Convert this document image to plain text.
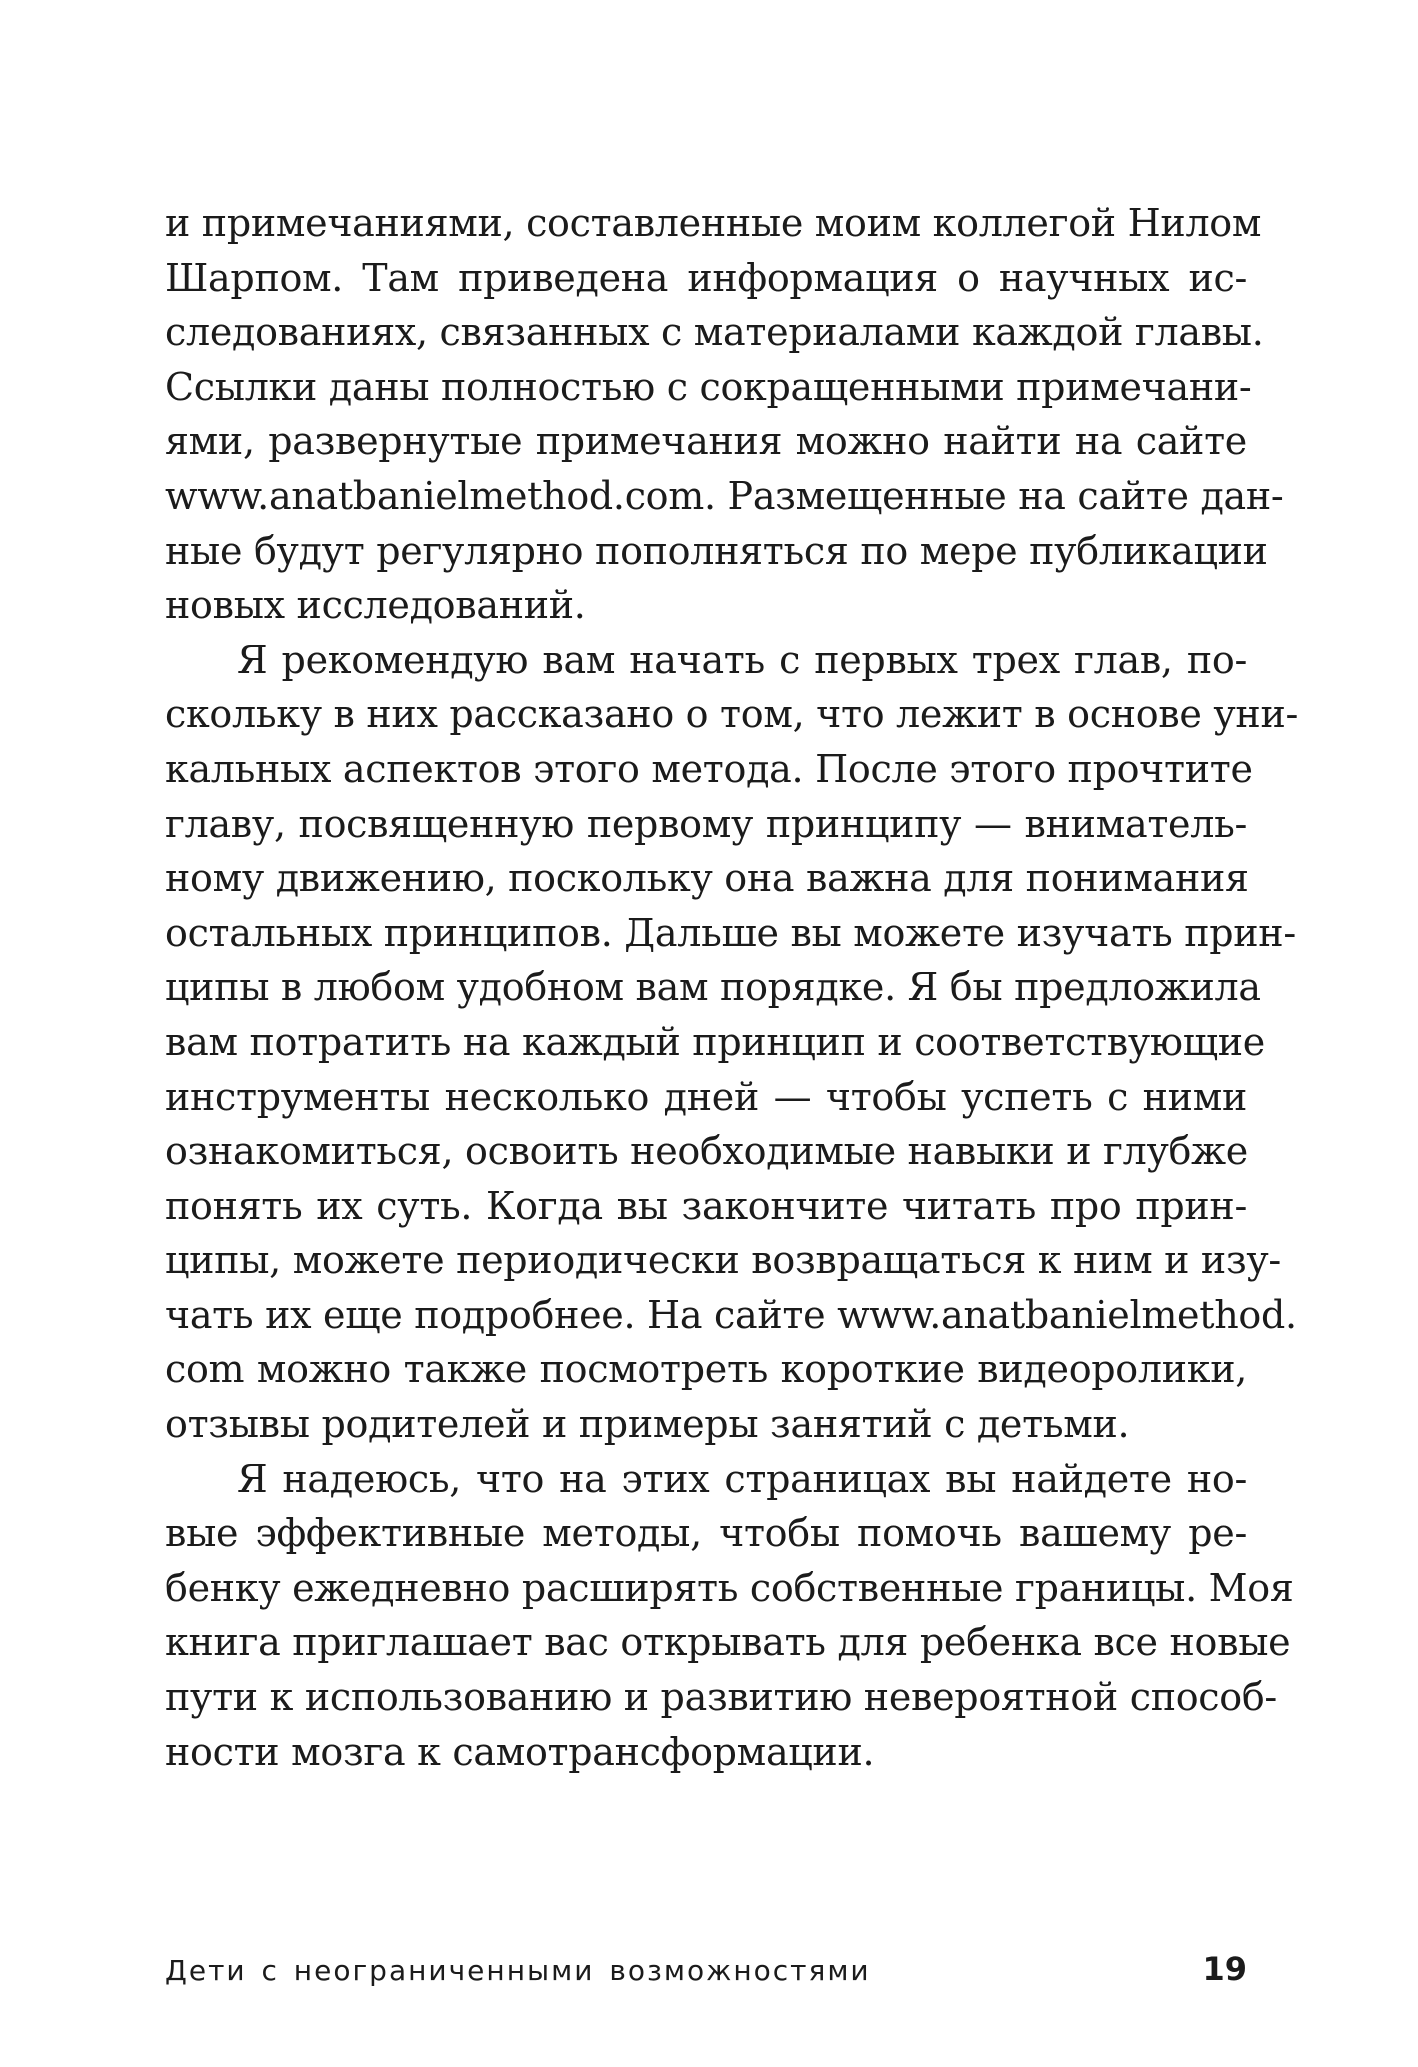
и примечаниями, составленные моим коллегой Нилом
Шарпом. Там приведена информация о научных ис-
следованиях, связанных с материалами каждой главы.
Ссылки даны полностью с сокращенными примечани-
ями, развернутые примечания можно найти на сайте
www.anatbanielmethod.com. Размещенные на сайте дан-
ные будут регулярно пополняться по мере публикации
новых исследований.
Я рекомендую вам начать с первых трех глав, по-
скольку в них рассказано о том, что лежит в основе уни-
кальных аспектов этого метода. После этого прочтите
главу, посвященную первому принципу — вниматель-
ному движению, поскольку она важна для понимания
остальных принципов. Дальше вы можете изучать прин-
ципы в любом удобном вам порядке. Я бы предложила
вам потратить на каждый принцип и соответствующие
инструменты несколько дней — чтобы успеть с ними
ознакомиться, освоить необходимые навыки и глубже
понять их суть. Когда вы закончите читать про прин-
ципы, можете периодически возвращаться к ним и изу-
чать их еще подробнее. На сайте www.anatbanielmethod.
com можно также посмотреть короткие видеоролики,
отзывы родителей и примеры занятий с детьми.
Я надеюсь, что на этих страницах вы найдете но-
вые эффективные методы, чтобы помочь вашему ре-
бенку ежедневно расширять собственные границы. Моя
книга приглашает вас открывать для ребенка все новые
пути к использованию и развитию невероятной способ-
ности мозга к самотрансформации.
Дети с неограниченными возможностями	19
